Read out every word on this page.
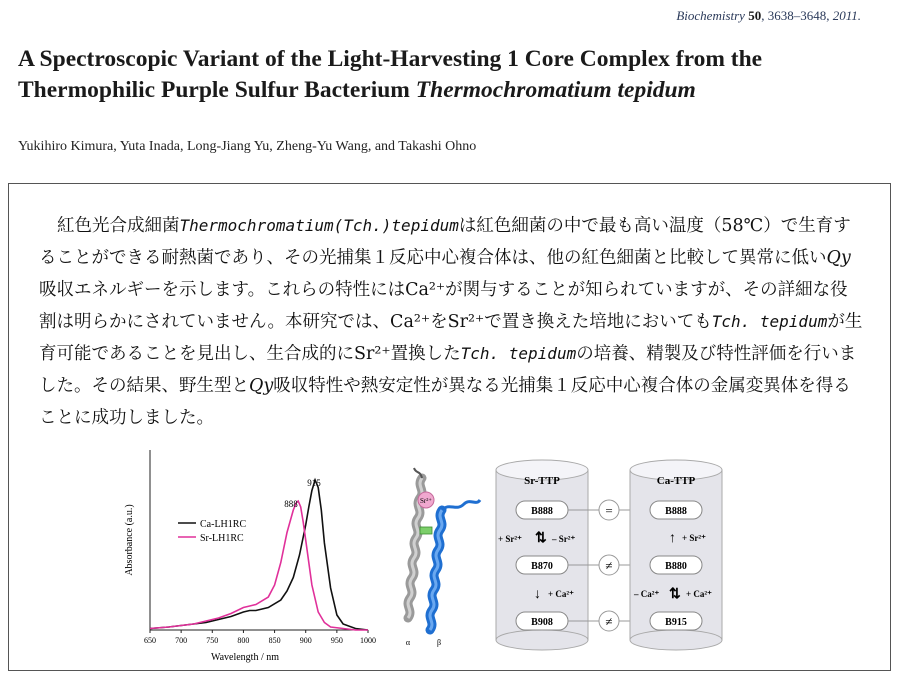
Biochemistry 50, 3638–3648, 2011.
A Spectroscopic Variant of the Light-Harvesting 1 Core Complex from the Thermophilic Purple Sulfur Bacterium Thermochromatium tepidum
Yukihiro Kimura, Yuta Inada, Long-Jiang Yu, Zheng-Yu Wang, and Takashi Ohno

紅色光合成細菌Thermochromatium(Tch.)tepidumは紅色細菌の中で最も高い温度（58℃）で生育することができる耐熱菌であり、その光捕集１反応中心複合体は、他の紅色細菌と比較して異常に低いQy吸収エネルギーを示します。これらの特性にはCa²⁺が関与することが知られていますが、その詳細な役割は明らかにされていません。本研究では、Ca²⁺をSr²⁺で置き換えた培地においてもTch. tepidumが生育可能であることを見出し、生合成的にSr²⁺置換したTch. tepidumの培養、精製及び特性評価を行いました。その結果、野生型とQy吸収特性や熱安定性が異なる光捕集１反応中心複合体の金属変異体を得ることに成功しました。

650 700 750 800 850 900 950 1000
Wavelength / nm
Absorbance (a.u.)
915
888
Ca-LH1RC
Sr-LH1RC
Sr²⁺
α	β
Sr-TTP
B888
B870
B908
+ Sr²⁺ ⇅ – Sr²⁺
↓ + Ca²⁺
=
≠
≠
Ca-TTP
B888
B880
B915
↑ + Sr²⁺
– Ca²⁺ ⇅ + Ca²⁺
